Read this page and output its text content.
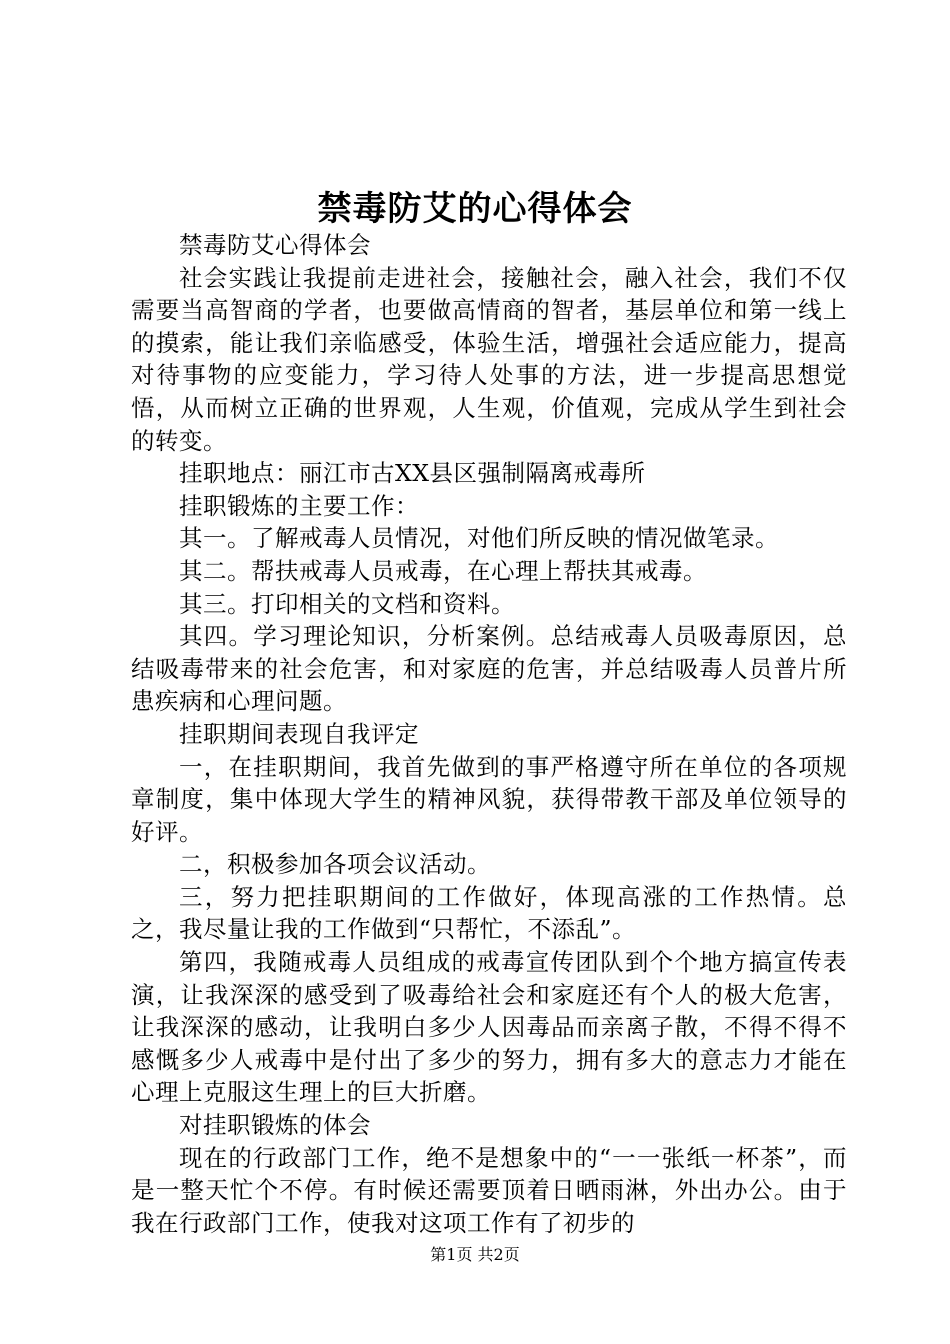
禁毒防艾的心得体会

禁毒防艾心得体会

社会实践让我提前走进社会，接触社会，融入社会，我们不仅需要当高智商的学者，也要做高情商的智者，基层单位和第一线上的摸索，能让我们亲临感受，体验生活，增强社会适应能力，提高对待事物的应变能力，学习待人处事的方法，进一步提高思想觉悟，从而树立正确的世界观，人生观，价值观，完成从学生到社会的转变。

挂职地点：丽江市古XX县区强制隔离戒毒所

挂职锻炼的主要工作：

其一。了解戒毒人员情况，对他们所反映的情况做笔录。

其二。帮扶戒毒人员戒毒，在心理上帮扶其戒毒。

其三。打印相关的文档和资料。

其四。学习理论知识，分析案例。总结戒毒人员吸毒原因，总结吸毒带来的社会危害，和对家庭的危害，并总结吸毒人员普片所患疾病和心理问题。

挂职期间表现自我评定

一，在挂职期间，我首先做到的事严格遵守所在单位的各项规章制度，集中体现大学生的精神风貌，获得带教干部及单位领导的好评。

二，积极参加各项会议活动。

三，努力把挂职期间的工作做好，体现高涨的工作热情。总之，我尽量让我的工作做到“只帮忙，不添乱”。

第四，我随戒毒人员组成的戒毒宣传团队到个个地方搞宣传表演，让我深深的感受到了吸毒给社会和家庭还有个人的极大危害，让我深深的感动，让我明白多少人因毒品而亲离子散，不得不得不感慨多少人戒毒中是付出了多少的努力，拥有多大的意志力才能在心理上克服这生理上的巨大折磨。

对挂职锻炼的体会

现在的行政部门工作，绝不是想象中的“一一张纸一杯茶”，而是一整天忙个不停。有时候还需要顶着日晒雨淋，外出办公。由于我在行政部门工作，使我对这项工作有了初步的

第1页 共2页
